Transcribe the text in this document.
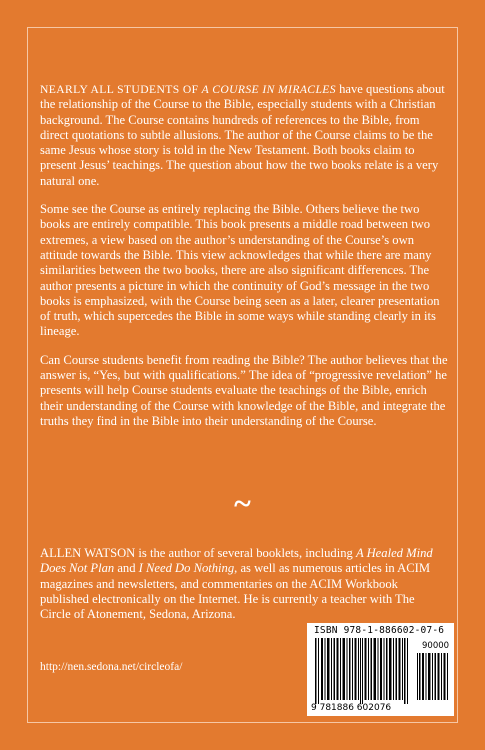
NEARLY ALL STUDENTS OF A COURSE IN MIRACLES have questions about the relationship of the Course to the Bible, especially students with a Christian background. The Course contains hundreds of references to the Bible, from direct quotations to subtle allusions. The author of the Course claims to be the same Jesus whose story is told in the New Testament. Both books claim to present Jesus’ teachings. The question about how the two books relate is a very natural one.

Some see the Course as entirely replacing the Bible. Others believe the two books are entirely compatible. This book presents a middle road between two extremes, a view based on the author’s understanding of the Course’s own attitude towards the Bible. This view acknowledges that while there are many similarities between the two books, there are also significant differences. The author presents a picture in which the continuity of God’s message in the two books is emphasized, with the Course being seen as a later, clearer presentation of truth, which supercedes the Bible in some ways while standing clearly in its lineage.

Can Course students benefit from reading the Bible? The author believes that the answer is, “Yes, but with qualifications.” The idea of “progressive revelation” he presents will help Course students evaluate the teachings of the Bible, enrich their understanding of the Course with knowledge of the Bible, and integrate the truths they find in the Bible into their understanding of the Course.

~
ALLEN WATSON is the author of several booklets, including A Healed Mind Does Not Plan and I Need Do Nothing, as well as numerous articles in ACIM magazines and newsletters, and commentaries on the ACIM Workbook published electronically on the Internet. He is currently a teacher with The Circle of Atonement, Sedona, Arizona.
http://nen.sedona.net/circleofa/
ISBN 978-1-886602-07-6
90000
9 781886 602076
